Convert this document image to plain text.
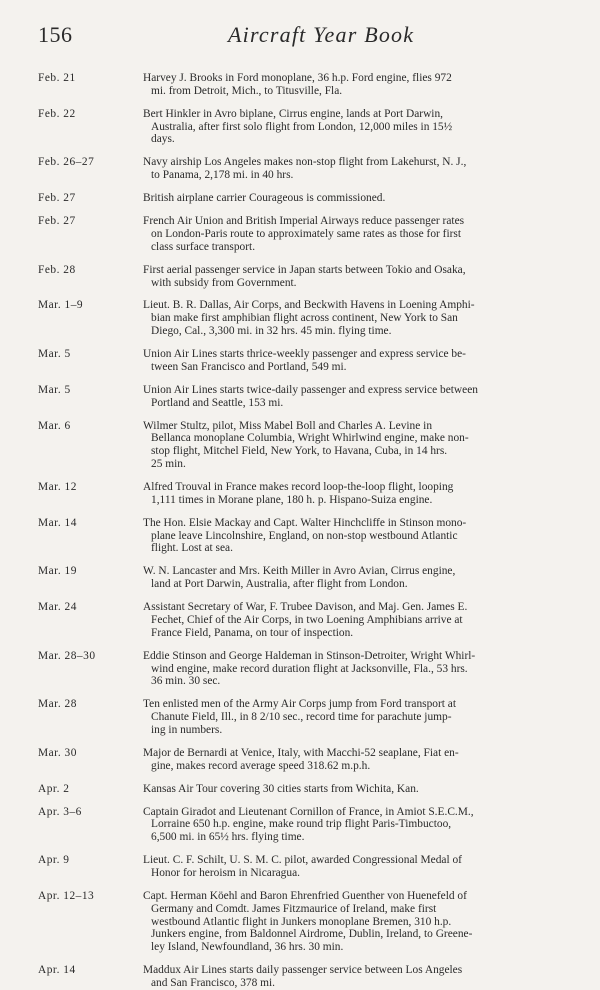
156	Aircraft Year Book
Feb. 21	Harvey J. Brooks in Ford monoplane, 36 h.p. Ford engine, flies 972
mi. from Detroit, Mich., to Titusville, Fla.
Feb. 22	Bert Hinkler in Avro biplane, Cirrus engine, lands at Port Darwin,
Australia, after first solo flight from London, 12,000 miles in 15½
days.
Feb. 26–27	Navy airship Los Angeles makes non-stop flight from Lakehurst, N. J.,
to Panama, 2,178 mi. in 40 hrs.
Feb. 27	British airplane carrier Courageous is commissioned.
Feb. 27	French Air Union and British Imperial Airways reduce passenger rates
on London-Paris route to approximately same rates as those for first
class surface transport.
Feb. 28	First aerial passenger service in Japan starts between Tokio and Osaka,
with subsidy from Government.
Mar. 1–9	Lieut. B. R. Dallas, Air Corps, and Beckwith Havens in Loening Amphi-
bian make first amphibian flight across continent, New York to San
Diego, Cal., 3,300 mi. in 32 hrs. 45 min. flying time.
Mar. 5	Union Air Lines starts thrice-weekly passenger and express service be-
tween San Francisco and Portland, 549 mi.
Mar. 5	Union Air Lines starts twice-daily passenger and express service between
Portland and Seattle, 153 mi.
Mar. 6	Wilmer Stultz, pilot, Miss Mabel Boll and Charles A. Levine in
Bellanca monoplane Columbia, Wright Whirlwind engine, make non-
stop flight, Mitchel Field, New York, to Havana, Cuba, in 14 hrs.
25 min.
Mar. 12	Alfred Trouval in France makes record loop-the-loop flight, looping
1,111 times in Morane plane, 180 h. p. Hispano-Suiza engine.
Mar. 14	The Hon. Elsie Mackay and Capt. Walter Hinchcliffe in Stinson mono-
plane leave Lincolnshire, England, on non-stop westbound Atlantic
flight. Lost at sea.
Mar. 19	W. N. Lancaster and Mrs. Keith Miller in Avro Avian, Cirrus engine,
land at Port Darwin, Australia, after flight from London.
Mar. 24	Assistant Secretary of War, F. Trubee Davison, and Maj. Gen. James E.
Fechet, Chief of the Air Corps, in two Loening Amphibians arrive at
France Field, Panama, on tour of inspection.
Mar. 28–30	Eddie Stinson and George Haldeman in Stinson-Detroiter, Wright Whirl-
wind engine, make record duration flight at Jacksonville, Fla., 53 hrs.
36 min. 30 sec.
Mar. 28	Ten enlisted men of the Army Air Corps jump from Ford transport at
Chanute Field, Ill., in 8 2/10 sec., record time for parachute jump-
ing in numbers.
Mar. 30	Major de Bernardi at Venice, Italy, with Macchi-52 seaplane, Fiat en-
gine, makes record average speed 318.62 m.p.h.
Apr. 2	Kansas Air Tour covering 30 cities starts from Wichita, Kan.
Apr. 3–6	Captain Giradot and Lieutenant Cornillon of France, in Amiot S.E.C.M.,
Lorraine 650 h.p. engine, make round trip flight Paris-Timbuctoo,
6,500 mi. in 65½ hrs. flying time.
Apr. 9	Lieut. C. F. Schilt, U. S. M. C. pilot, awarded Congressional Medal of
Honor for heroism in Nicaragua.
Apr. 12–13	Capt. Herman Köehl and Baron Ehrenfried Guenther von Huenefeld of
Germany and Comdt. James Fitzmaurice of Ireland, make first
westbound Atlantic flight in Junkers monoplane Bremen, 310 h.p.
Junkers engine, from Baldonnel Airdrome, Dublin, Ireland, to Greene-
ley Island, Newfoundland, 36 hrs. 30 min.
Apr. 14	Maddux Air Lines starts daily passenger service between Los Angeles
and San Francisco, 378 mi.
